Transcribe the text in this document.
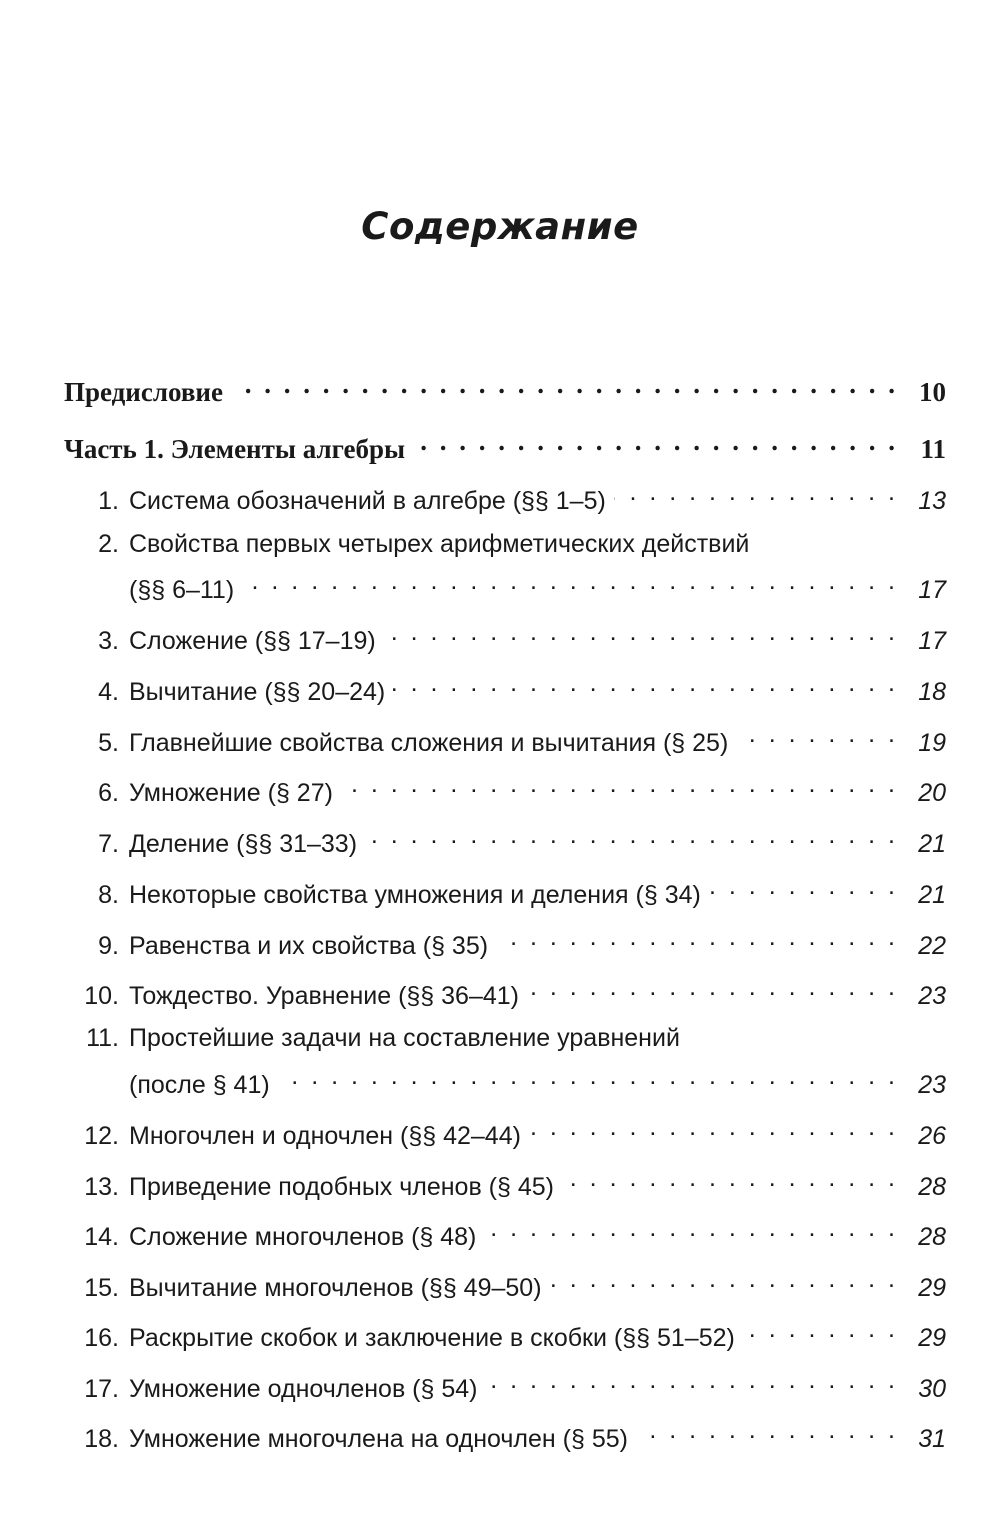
Содержание
Предисловие . . .	10
Часть 1. Элементы алгебры . . .	11
1. Система обозначений в алгебре (§§ 1–5) . . .	13
2. Свойства первых четырех арифметических действий
(§§ 6–11) . . .	17
3. Сложение (§§ 17–19) . . .	17
4. Вычитание (§§ 20–24) . . .	18
5. Главнейшие свойства сложения и вычитания (§ 25) . . .	19
6. Умножение (§ 27) . . .	20
7. Деление (§§ 31–33) . . .	21
8. Некоторые свойства умножения и деления (§ 34) . . .	21
9. Равенства и их свойства (§ 35) . . .	22
10. Тождество. Уравнение (§§ 36–41) . . .	23
11. Простейшие задачи на составление уравнений
(после § 41) . . .	23
12. Многочлен и одночлен (§§ 42–44) . . .	26
13. Приведение подобных членов (§ 45) . . .	28
14. Сложение многочленов (§ 48) . . .	28
15. Вычитание многочленов (§§ 49–50) . . .	29
16. Раскрытие скобок и заключение в скобки (§§ 51–52) . . .	29
17. Умножение одночленов (§ 54) . . .	30
18. Умножение многочлена на одночлен (§ 55) . . .	31
